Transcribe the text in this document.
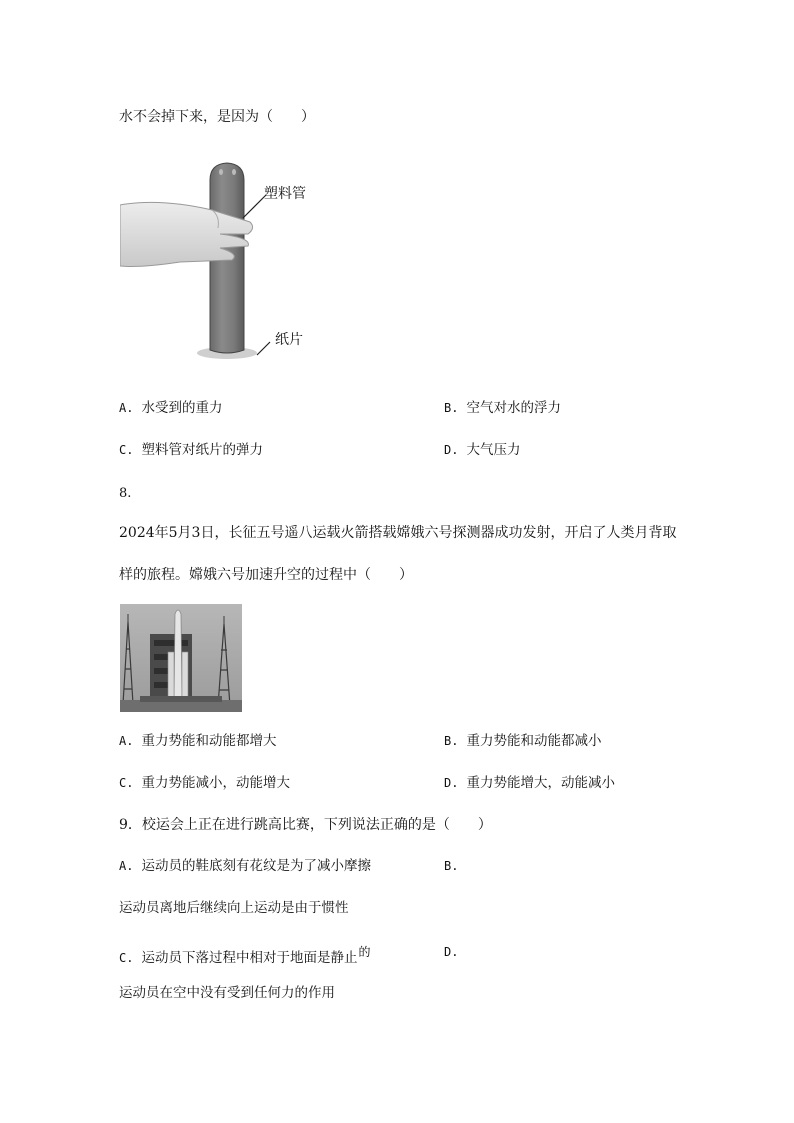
水不会掉下来，是因为（　　）
塑料管
纸片
A. 水受到的重力	B. 空气对水的浮力
C. 塑料管对纸片的弹力	D. 大气压力
8.
2024年5月3日，长征五号遥八运载火箭搭载嫦娥六号探测器成功发射，开启了人类月背取
样的旅程。嫦娥六号加速升空的过程中（　　）
A. 重力势能和动能都增大	B. 重力势能和动能都减小
C. 重力势能减小，动能增大	D. 重力势能增大，动能减小
9．校运会上正在进行跳高比赛，下列说法正确的是（　　）
A. 运动员的鞋底刻有花纹是为了减小摩擦	B.
运动员离地后继续向上运动是由于惯性
C. 运动员下落过程中相对于地面是静止的	D.
运动员在空中没有受到任何力的作用
